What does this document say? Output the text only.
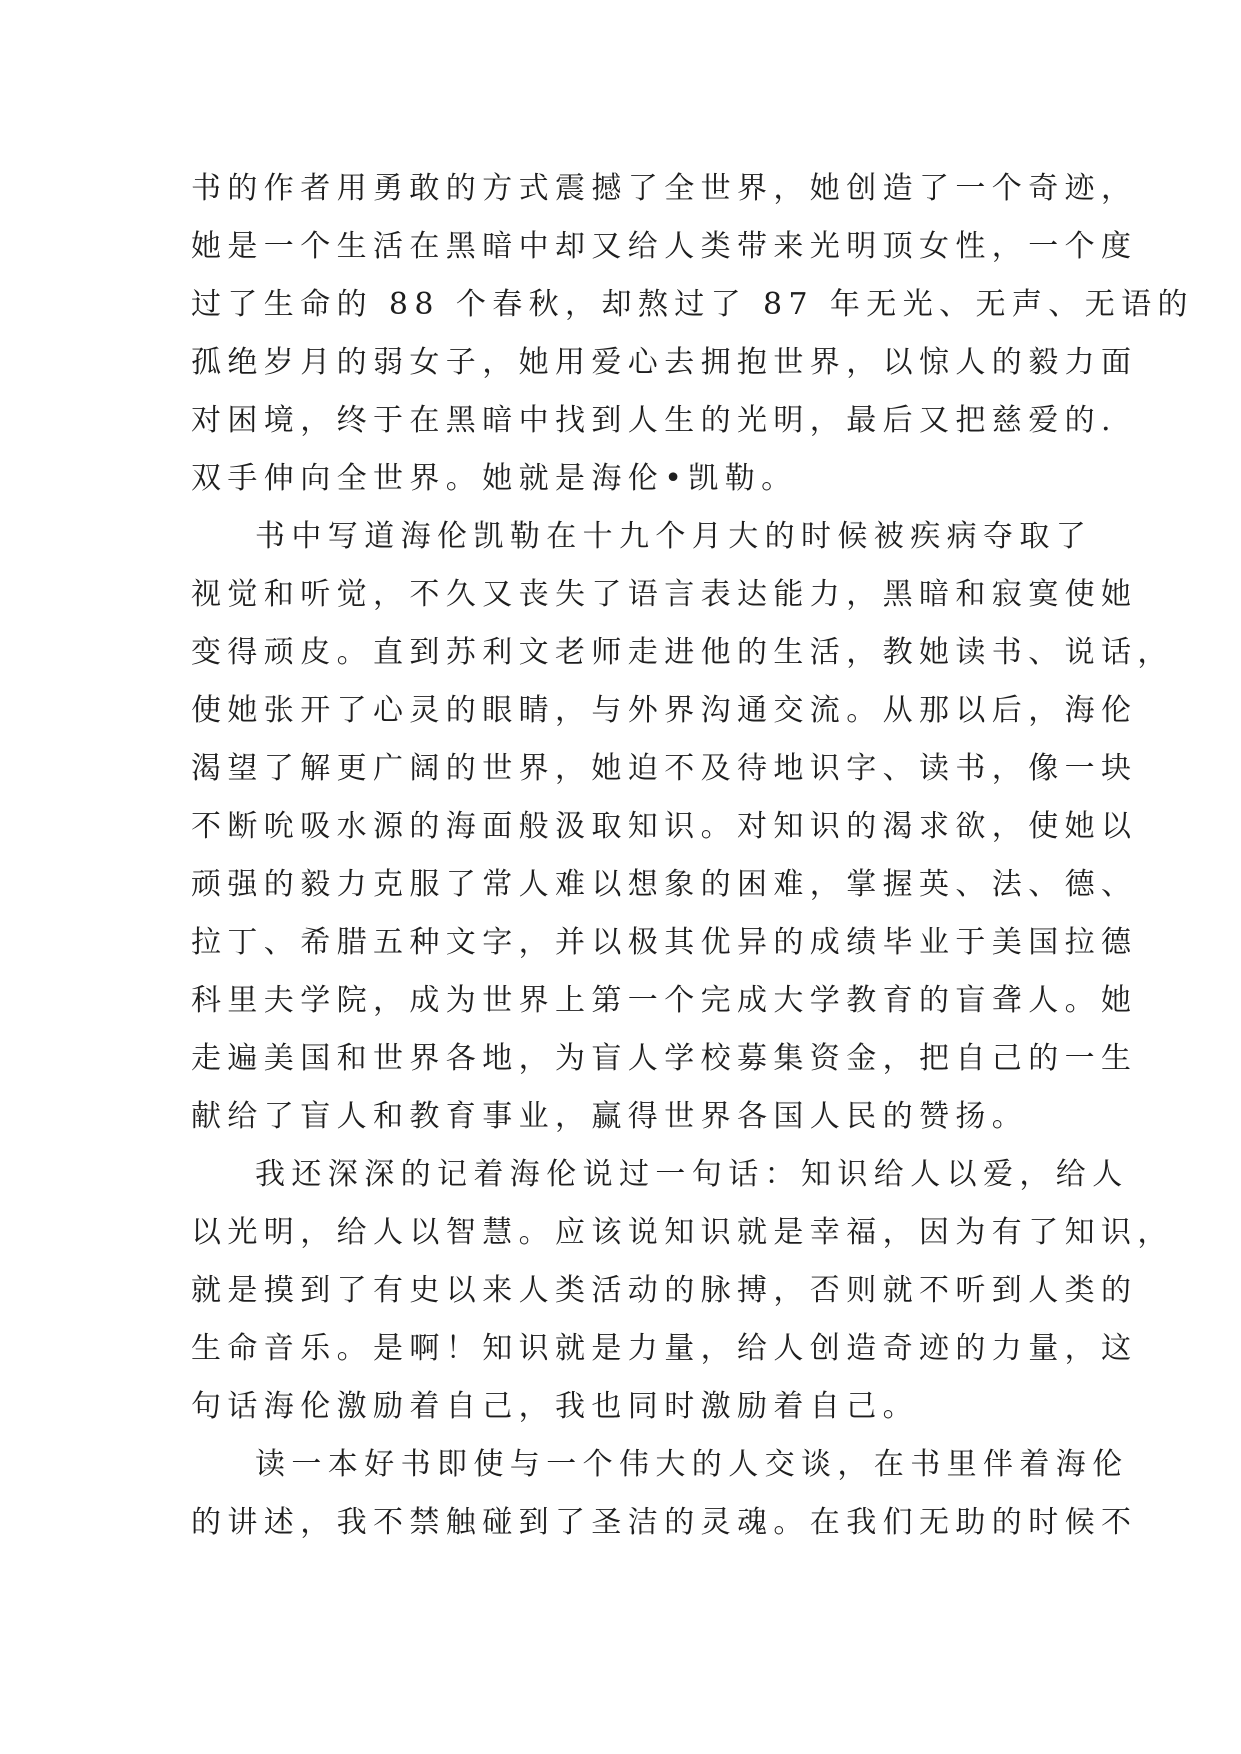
书的作者用勇敢的方式震撼了全世界，她创造了一个奇迹，
她是一个生活在黑暗中却又给人类带来光明顶女性，一个度
过了生命的 88 个春秋，却熬过了 87 年无光、无声、无语的
孤绝岁月的弱女子，她用爱心去拥抱世界，以惊人的毅力面
对困境，终于在黑暗中找到人生的光明，最后又把慈爱的.
双手伸向全世界。她就是海伦•凯勒。
书中写道海伦凯勒在十九个月大的时候被疾病夺取了
视觉和听觉，不久又丧失了语言表达能力，黑暗和寂寞使她
变得顽皮。直到苏利文老师走进他的生活，教她读书、说话，
使她张开了心灵的眼睛，与外界沟通交流。从那以后，海伦
渴望了解更广阔的世界，她迫不及待地识字、读书，像一块
不断吮吸水源的海面般汲取知识。对知识的渴求欲，使她以
顽强的毅力克服了常人难以想象的困难，掌握英、法、德、
拉丁、希腊五种文字，并以极其优异的成绩毕业于美国拉德
科里夫学院，成为世界上第一个完成大学教育的盲聋人。她
走遍美国和世界各地，为盲人学校募集资金，把自己的一生
献给了盲人和教育事业，赢得世界各国人民的赞扬。
我还深深的记着海伦说过一句话：知识给人以爱，给人
以光明，给人以智慧。应该说知识就是幸福，因为有了知识，
就是摸到了有史以来人类活动的脉搏，否则就不听到人类的
生命音乐。是啊！知识就是力量，给人创造奇迹的力量，这
句话海伦激励着自己，我也同时激励着自己。
读一本好书即使与一个伟大的人交谈，在书里伴着海伦
的讲述，我不禁触碰到了圣洁的灵魂。在我们无助的时候不
